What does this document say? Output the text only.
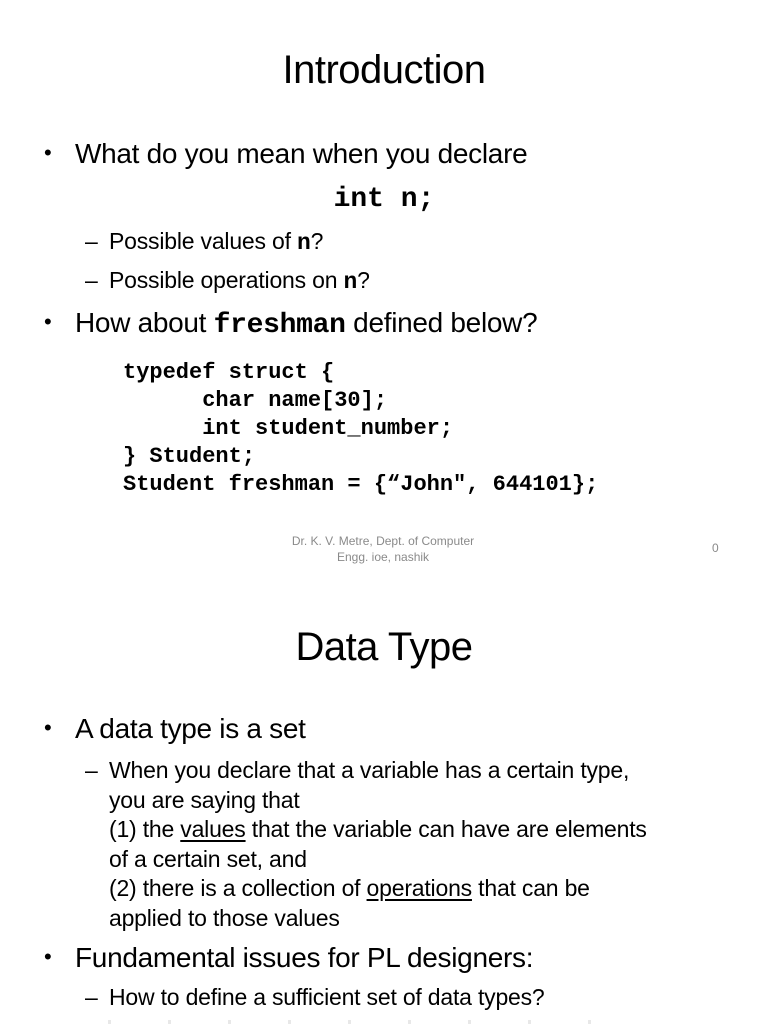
Introduction
• What do you mean when you declare
int n;
– Possible values of n?
– Possible operations on n?
• How about freshman defined below?
typedef struct {
char name[30];
int student_number;
} Student;
Student freshman = {“John", 644101};
Dr. K. V. Metre, Dept. of Computer
Engg. ioe, nashik
0
Data Type
• A data type is a set
– When you declare that a variable has a certain type,
you are saying that
(1) the values that the variable can have are elements
of a certain set, and
(2) there is a collection of operations that can be
applied to those values
• Fundamental issues for PL designers:
– How to define a sufficient set of data types?
